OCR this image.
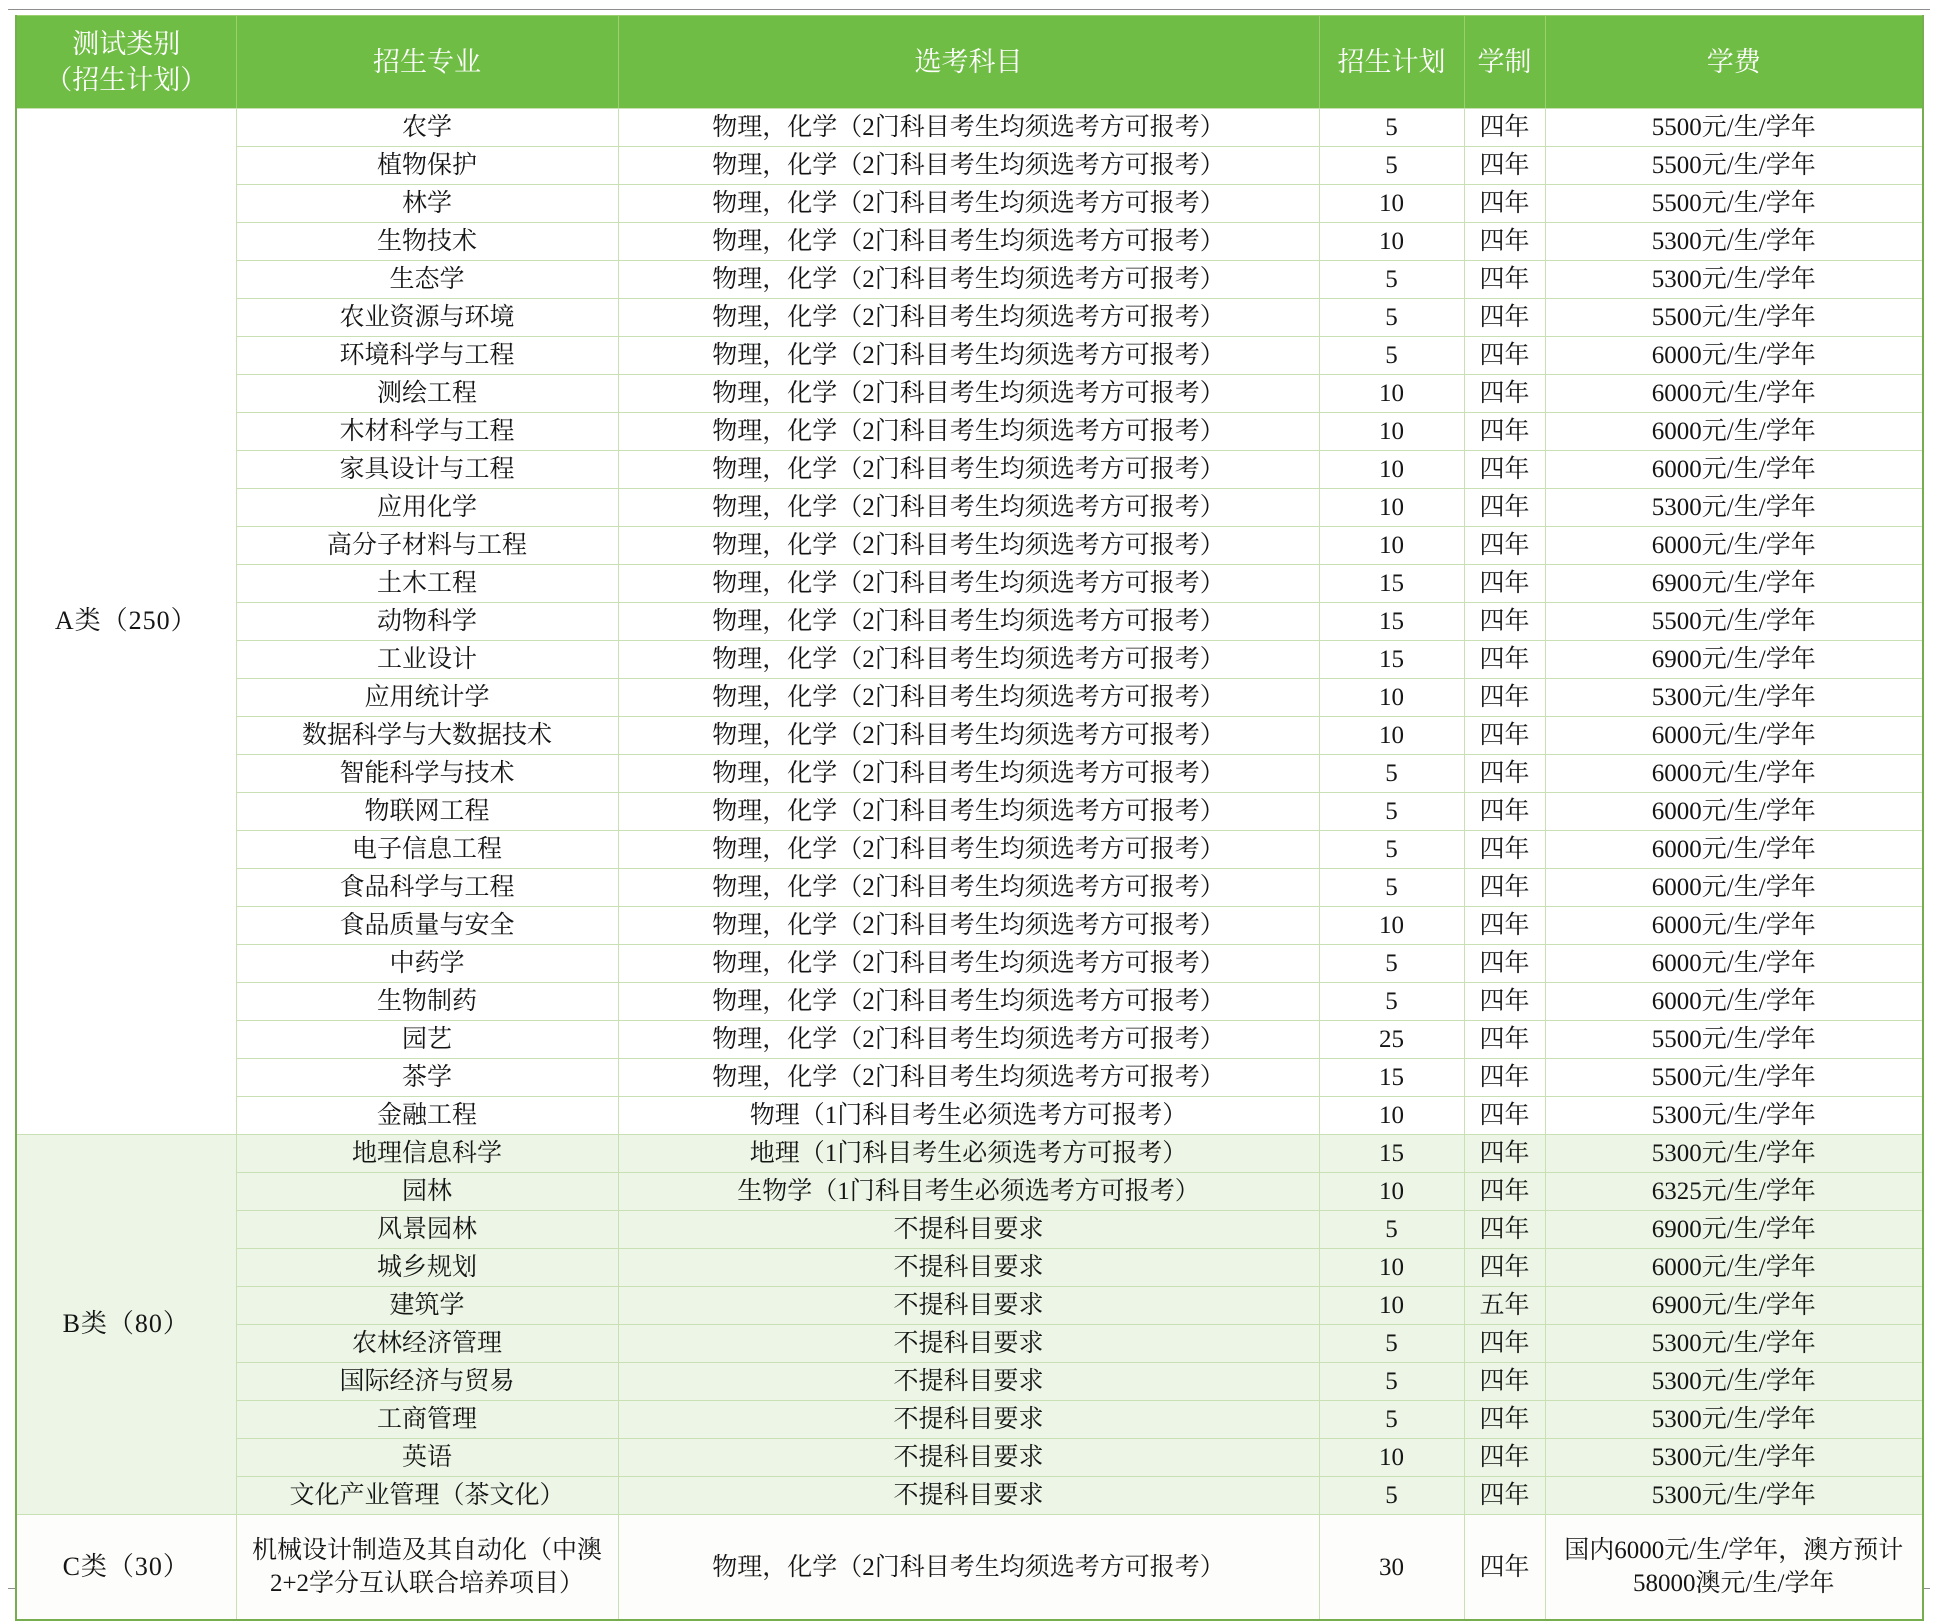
测试类别
（招生计划）	招生专业	选考科目	招生计划	学制	学费
A类（250）	农学	物理，化学（2门科目考生均须选考方可报考）	5	四年	5500元/生/学年
	植物保护	物理，化学（2门科目考生均须选考方可报考）	5	四年	5500元/生/学年
	林学	物理，化学（2门科目考生均须选考方可报考）	10	四年	5500元/生/学年
	生物技术	物理，化学（2门科目考生均须选考方可报考）	10	四年	5300元/生/学年
	生态学	物理，化学（2门科目考生均须选考方可报考）	5	四年	5300元/生/学年
	农业资源与环境	物理，化学（2门科目考生均须选考方可报考）	5	四年	5500元/生/学年
	环境科学与工程	物理，化学（2门科目考生均须选考方可报考）	5	四年	6000元/生/学年
	测绘工程	物理，化学（2门科目考生均须选考方可报考）	10	四年	6000元/生/学年
	木材科学与工程	物理，化学（2门科目考生均须选考方可报考）	10	四年	6000元/生/学年
	家具设计与工程	物理，化学（2门科目考生均须选考方可报考）	10	四年	6000元/生/学年
	应用化学	物理，化学（2门科目考生均须选考方可报考）	10	四年	5300元/生/学年
	高分子材料与工程	物理，化学（2门科目考生均须选考方可报考）	10	四年	6000元/生/学年
	土木工程	物理，化学（2门科目考生均须选考方可报考）	15	四年	6900元/生/学年
	动物科学	物理，化学（2门科目考生均须选考方可报考）	15	四年	5500元/生/学年
	工业设计	物理，化学（2门科目考生均须选考方可报考）	15	四年	6900元/生/学年
	应用统计学	物理，化学（2门科目考生均须选考方可报考）	10	四年	5300元/生/学年
	数据科学与大数据技术	物理，化学（2门科目考生均须选考方可报考）	10	四年	6000元/生/学年
	智能科学与技术	物理，化学（2门科目考生均须选考方可报考）	5	四年	6000元/生/学年
	物联网工程	物理，化学（2门科目考生均须选考方可报考）	5	四年	6000元/生/学年
	电子信息工程	物理，化学（2门科目考生均须选考方可报考）	5	四年	6000元/生/学年
	食品科学与工程	物理，化学（2门科目考生均须选考方可报考）	5	四年	6000元/生/学年
	食品质量与安全	物理，化学（2门科目考生均须选考方可报考）	10	四年	6000元/生/学年
	中药学	物理，化学（2门科目考生均须选考方可报考）	5	四年	6000元/生/学年
	生物制药	物理，化学（2门科目考生均须选考方可报考）	5	四年	6000元/生/学年
	园艺	物理，化学（2门科目考生均须选考方可报考）	25	四年	5500元/生/学年
	茶学	物理，化学（2门科目考生均须选考方可报考）	15	四年	5500元/生/学年
	金融工程	物理（1门科目考生必须选考方可报考）	10	四年	5300元/生/学年
B类（80）	地理信息科学	地理（1门科目考生必须选考方可报考）	15	四年	5300元/生/学年
	园林	生物学（1门科目考生必须选考方可报考）	10	四年	6325元/生/学年
	风景园林	不提科目要求	5	四年	6900元/生/学年
	城乡规划	不提科目要求	10	四年	6000元/生/学年
	建筑学	不提科目要求	10	五年	6900元/生/学年
	农林经济管理	不提科目要求	5	四年	5300元/生/学年
	国际经济与贸易	不提科目要求	5	四年	5300元/生/学年
	工商管理	不提科目要求	5	四年	5300元/生/学年
	英语	不提科目要求	10	四年	5300元/生/学年
	文化产业管理（茶文化）	不提科目要求	5	四年	5300元/生/学年
C类（30）	机械设计制造及其自动化（中澳2+2学分互认联合培养项目）	物理，化学（2门科目考生均须选考方可报考）	30	四年	国内6000元/生/学年，澳方预计58000澳元/生/学年
